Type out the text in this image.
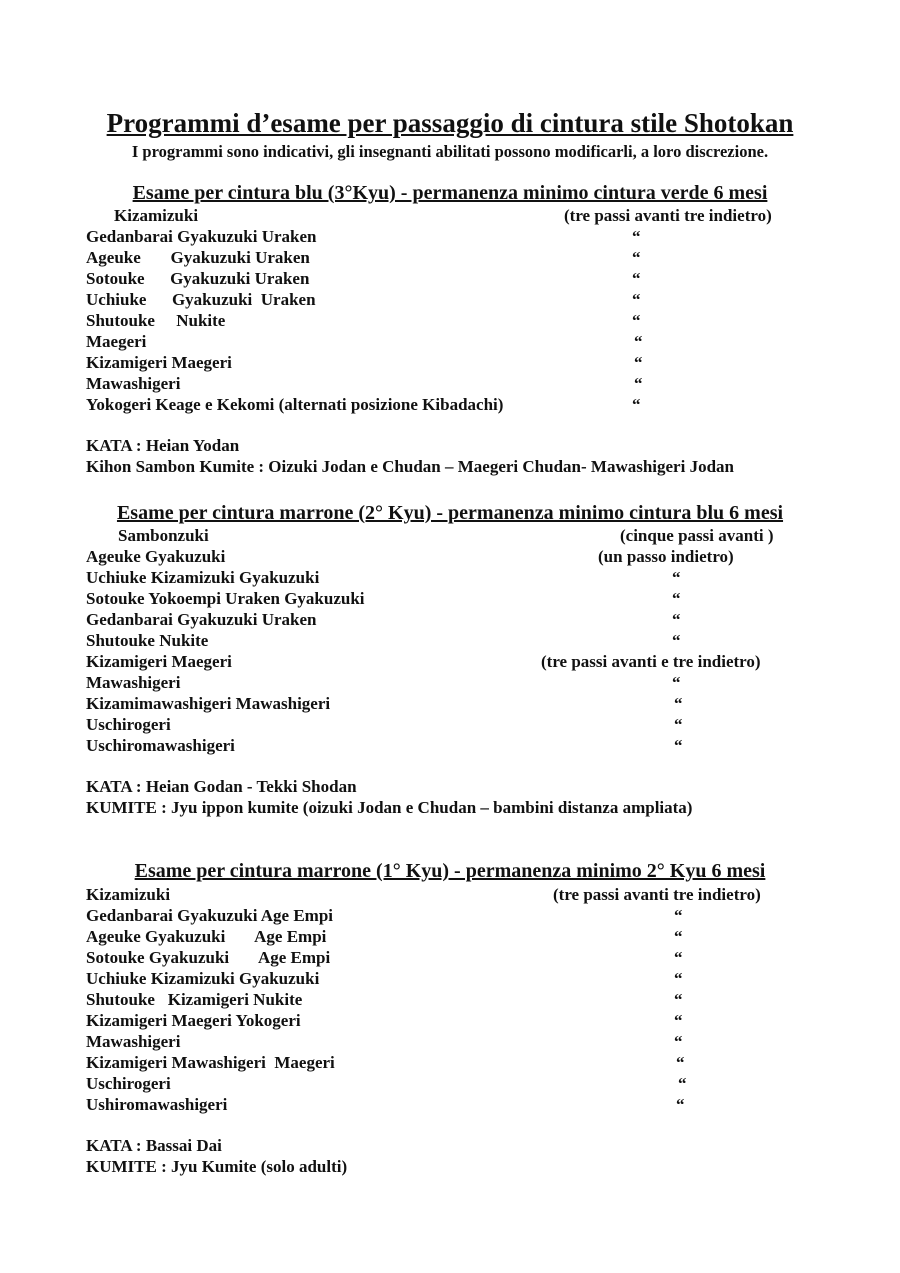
Programmi d’esame per passaggio di cintura stile Shotokan
I programmi sono indicativi, gli insegnanti abilitati possono modificarli, a loro discrezione.
Esame per cintura blu (3°Kyu) - permanenza minimo cintura verde 6 mesi
Kizamizuki	(tre passi avanti tre indietro)
Gedanbarai Gyakuzuki Uraken	“
Ageuke       Gyakuzuki Uraken	“
Sotouke      Gyakuzuki Uraken	“
Uchiuke      Gyakuzuki  Uraken	“
Shutouke     Nukite	“
Maegeri	“
Kizamigeri Maegeri	“
Mawashigeri	“
Yokogeri Keage e Kekomi (alternati posizione Kibadachi)	“
KATA : Heian Yodan
Kihon Sambon Kumite : Oizuki Jodan e Chudan – Maegeri Chudan- Mawashigeri Jodan
Esame per cintura marrone (2° Kyu) - permanenza minimo cintura blu 6 mesi
Sambonzuki	(cinque passi avanti )
Ageuke Gyakuzuki	(un passo indietro)
Uchiuke Kizamizuki Gyakuzuki	“
Sotouke Yokoempi Uraken Gyakuzuki	“
Gedanbarai Gyakuzuki Uraken	“
Shutouke Nukite	“
Kizamigeri Maegeri	(tre passi avanti e tre indietro)
Mawashigeri	“
Kizamimawashigeri Mawashigeri	“
Uschirogeri	“
Uschiromawashigeri	“
KATA : Heian Godan - Tekki Shodan
KUMITE : Jyu ippon kumite (oizuki Jodan e Chudan – bambini distanza ampliata)
Esame per cintura marrone (1° Kyu) - permanenza minimo 2° Kyu 6 mesi
Kizamizuki	(tre passi avanti tre indietro)
Gedanbarai Gyakuzuki Age Empi	“
Ageuke Gyakuzuki       Age Empi	“
Sotouke Gyakuzuki       Age Empi	“
Uchiuke Kizamizuki Gyakuzuki	“
Shutouke   Kizamigeri Nukite	“
Kizamigeri Maegeri Yokogeri	“
Mawashigeri	“
Kizamigeri Mawashigeri  Maegeri	“
Uschirogeri	“
Ushiromawashigeri	“
KATA : Bassai Dai
KUMITE : Jyu Kumite (solo adulti)
